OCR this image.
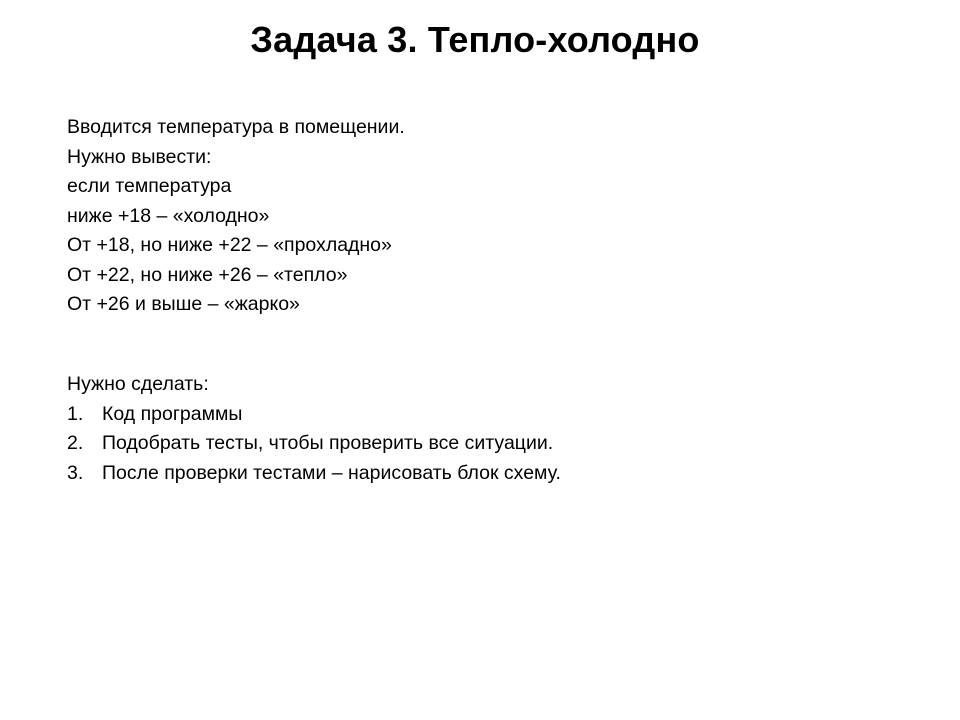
Задача 3. Тепло-холодно
Вводится температура в помещении.
Нужно вывести:
если температура
ниже +18 – «холодно»
От +18, но ниже +22 – «прохладно»
От +22, но ниже +26 – «тепло»
От +26 и выше – «жарко»
Нужно сделать:
1. Код программы
2. Подобрать тесты, чтобы проверить все ситуации.
3. После проверки тестами – нарисовать блок схему.
